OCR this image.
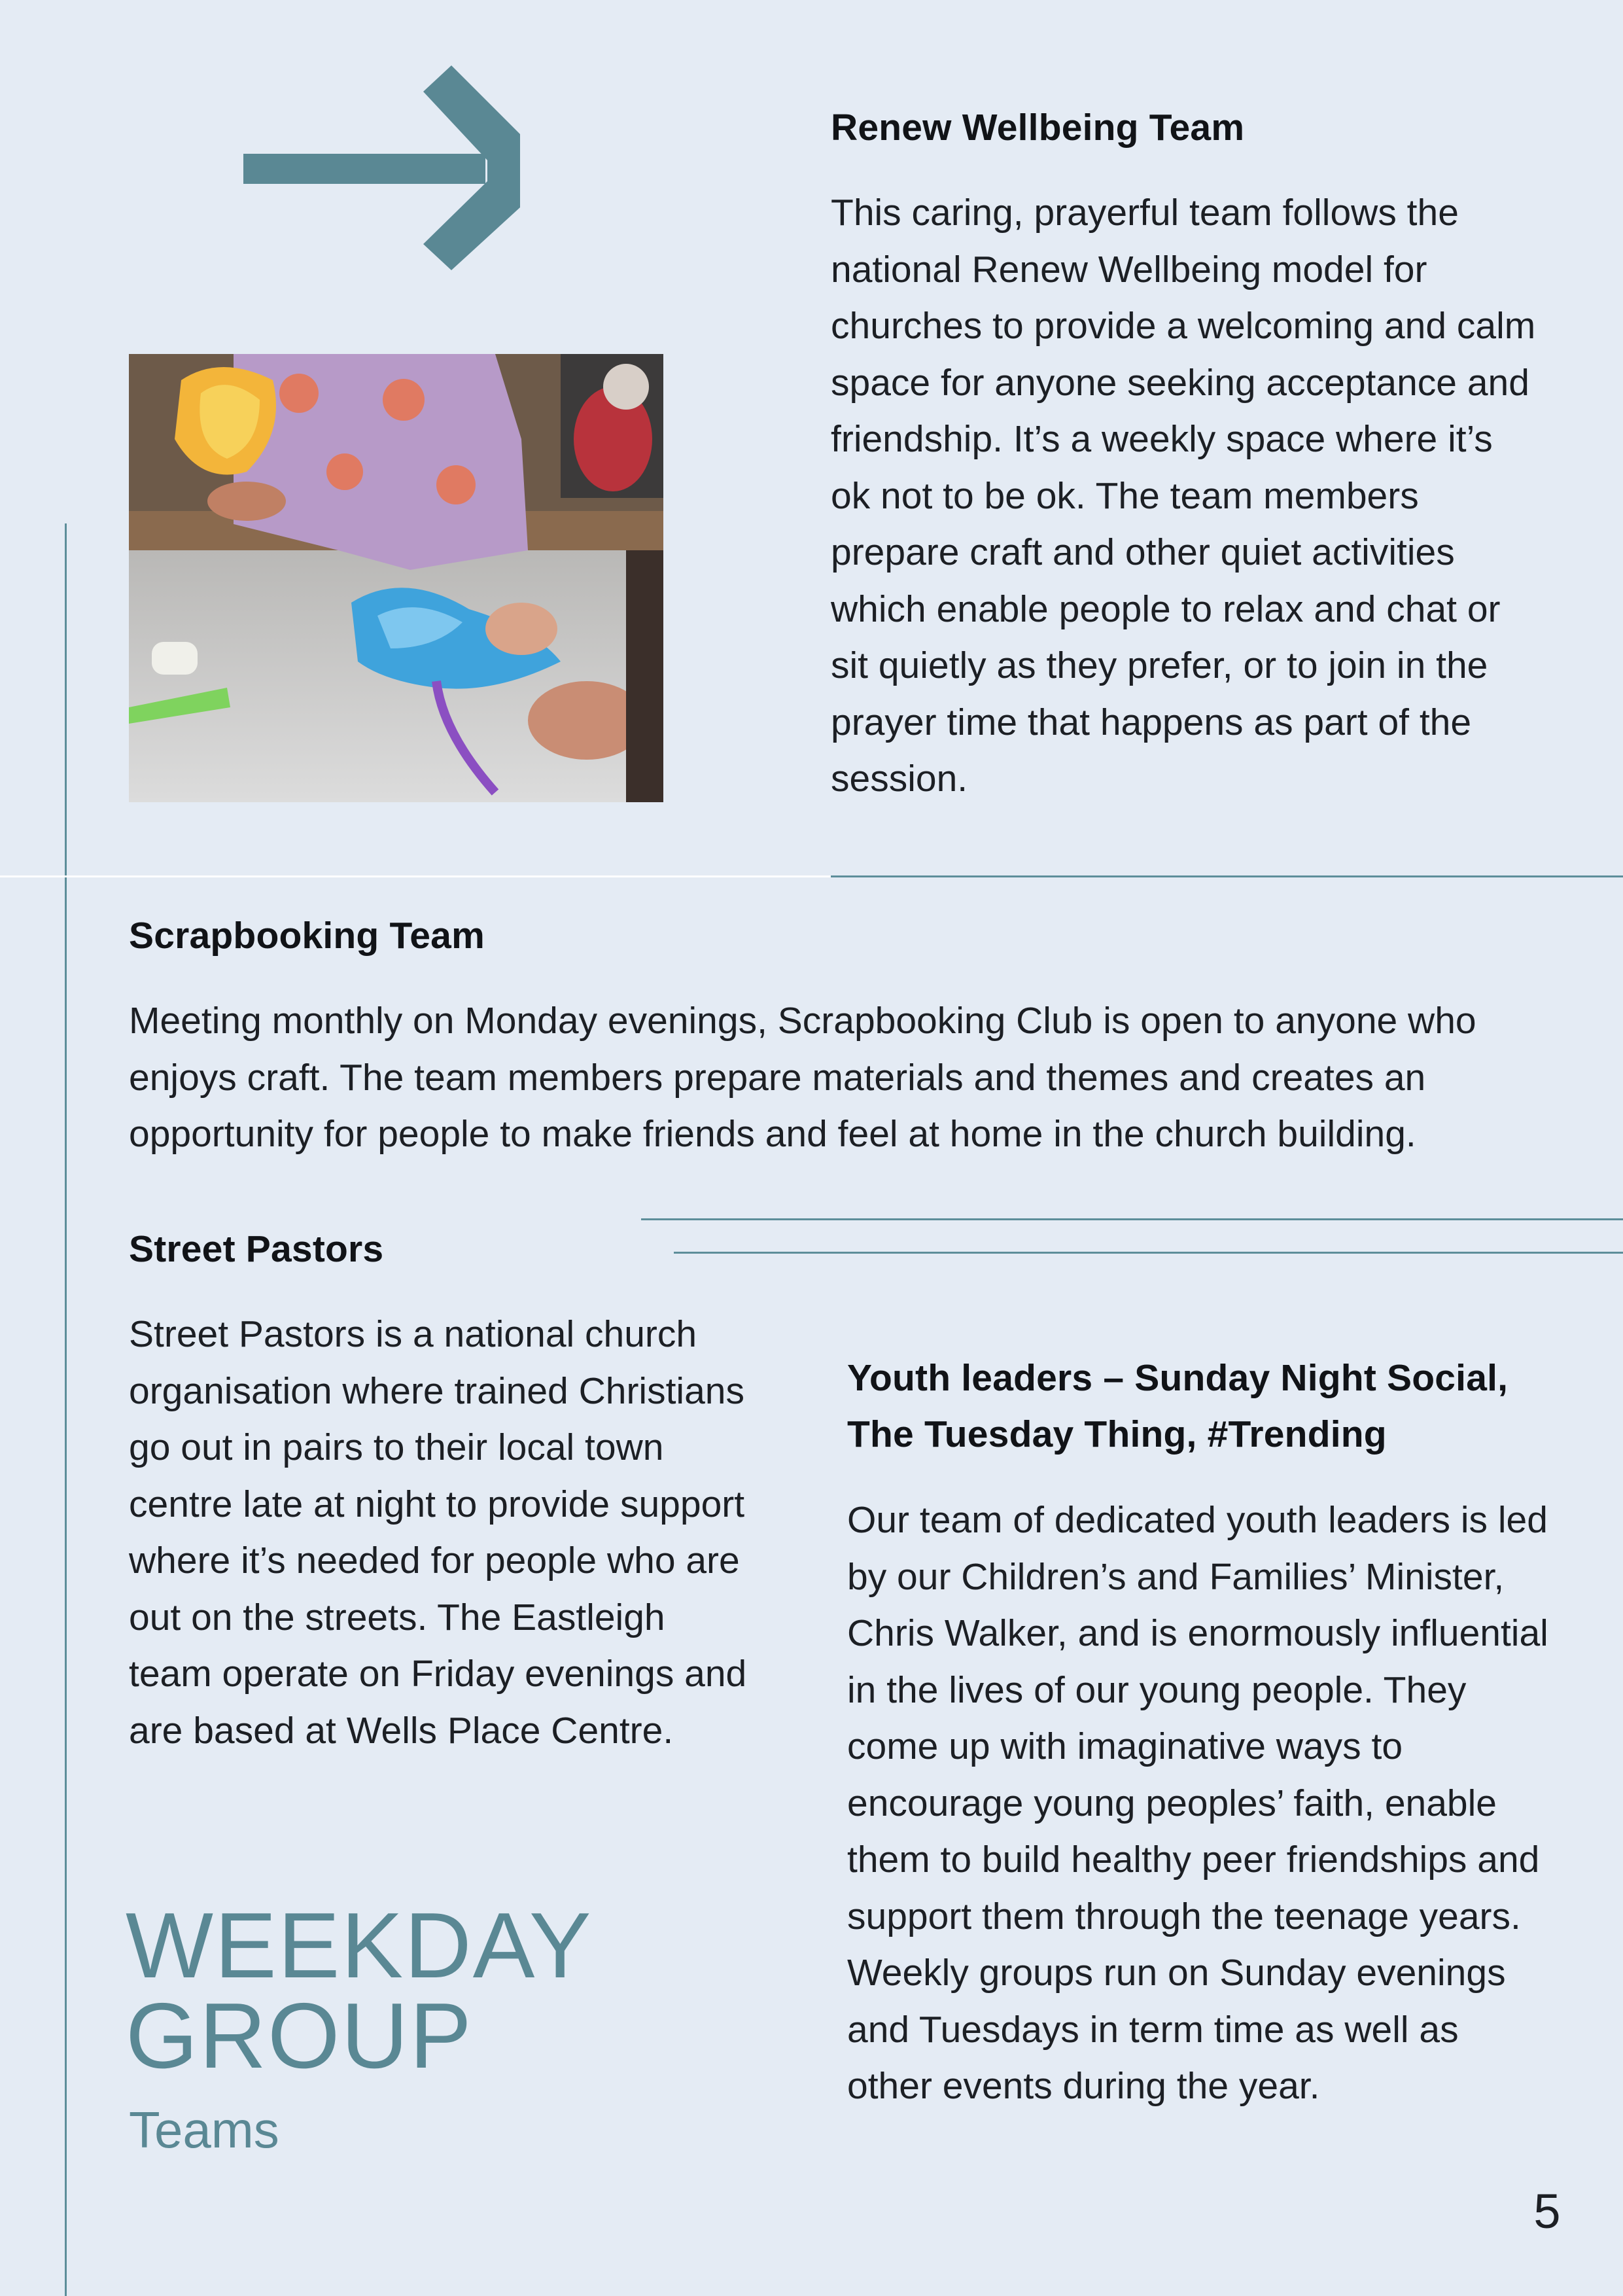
Renew Wellbeing Team

This caring, prayerful team follows the national Renew Wellbeing model for churches to provide a welcoming and calm space for anyone seeking acceptance and friendship. It’s a weekly space where it’s ok not to be ok. The team members prepare craft and other quiet activities which enable people to relax and chat or sit quietly as they prefer, or to join in the prayer time that happens as part of the session.

Scrapbooking Team

Meeting monthly on Monday evenings, Scrapbooking Club is open to anyone who enjoys craft. The team members prepare materials and themes and creates an opportunity for people to make friends and feel at home in the church building.

Street Pastors

Street Pastors is a national church organisation where trained Christians go out in pairs to their local town centre late at night to provide support where it’s needed for people who are out on the streets. The Eastleigh team operate on Friday evenings and are based at Wells Place Centre.

Youth leaders – Sunday Night Social, The Tuesday Thing, #Trending

Our team of dedicated youth leaders is led by our Children’s and Families’ Minister, Chris Walker, and is enormously influential in the lives of our young people. They come up with imaginative ways to encourage young peoples’ faith, enable them to build healthy peer friendships and support them through the teenage years. Weekly groups run on Sunday evenings and Tuesdays in term time as well as other events during the year.

WEEKDAY
GROUP
Teams
5
